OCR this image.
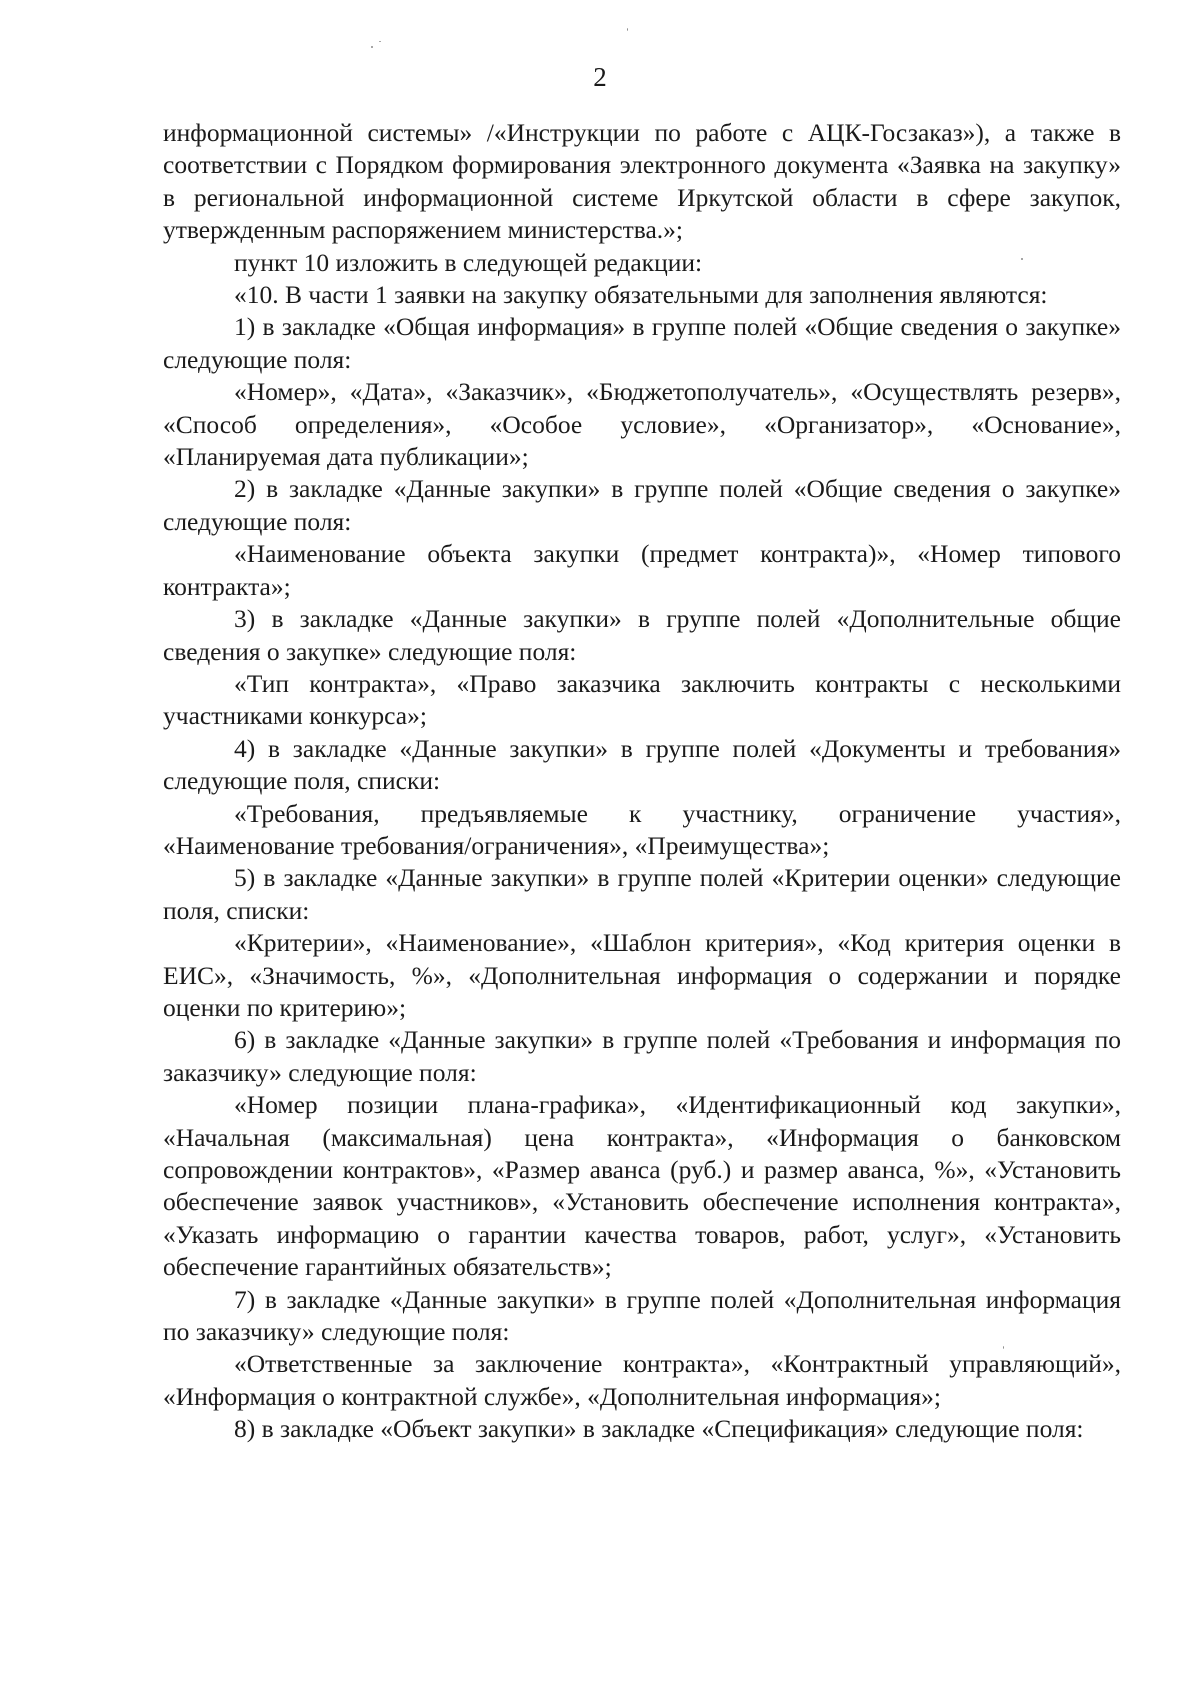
2

информационной системы» /«Инструкции по работе с АЦК-Госзаказ»), а также в соответствии с Порядком формирования электронного документа «Заявка на закупку» в региональной информационной системе Иркутской области в сфере закупок, утвержденным распоряжением министерства.»;

пункт 10 изложить в следующей редакции:

«10. В части 1 заявки на закупку обязательными для заполнения являются:

1) в закладке «Общая информация» в группе полей «Общие сведения о закупке» следующие поля:

«Номер», «Дата», «Заказчик», «Бюджетополучатель», «Осуществлять резерв», «Способ определения», «Особое условие», «Организатор», «Основание», «Планируемая дата публикации»;

2) в закладке «Данные закупки» в группе полей «Общие сведения о закупке» следующие поля:

«Наименование объекта закупки (предмет контракта)», «Номер типового контракта»;

3) в закладке «Данные закупки» в группе полей «Дополнительные общие сведения о закупке» следующие поля:

«Тип контракта», «Право заказчика заключить контракты с несколькими участниками конкурса»;

4) в закладке «Данные закупки» в группе полей «Документы и требования» следующие поля, списки:

«Требования, предъявляемые к участнику, ограничение участия», «Наименование требования/ограничения», «Преимущества»;

5) в закладке «Данные закупки» в группе полей «Критерии оценки» следующие поля, списки:

«Критерии», «Наименование», «Шаблон критерия», «Код критерия оценки в ЕИС», «Значимость, %», «Дополнительная информация о содержании и порядке оценки по критерию»;

6) в закладке «Данные закупки» в группе полей «Требования и информация по заказчику» следующие поля:

«Номер позиции плана-графика», «Идентификационный код закупки», «Начальная (максимальная) цена контракта», «Информация о банковском сопровождении контрактов», «Размер аванса (руб.) и размер аванса, %», «Установить обеспечение заявок участников», «Установить обеспечение исполнения контракта», «Указать информацию о гарантии качества товаров, работ, услуг», «Установить обеспечение гарантийных обязательств»;

7) в закладке «Данные закупки» в группе полей «Дополнительная информация по заказчику» следующие поля:

«Ответственные за заключение контракта», «Контрактный управляющий», «Информация о контрактной службе», «Дополнительная информация»;

8) в закладке «Объект закупки» в закладке «Спецификация» следующие поля:
